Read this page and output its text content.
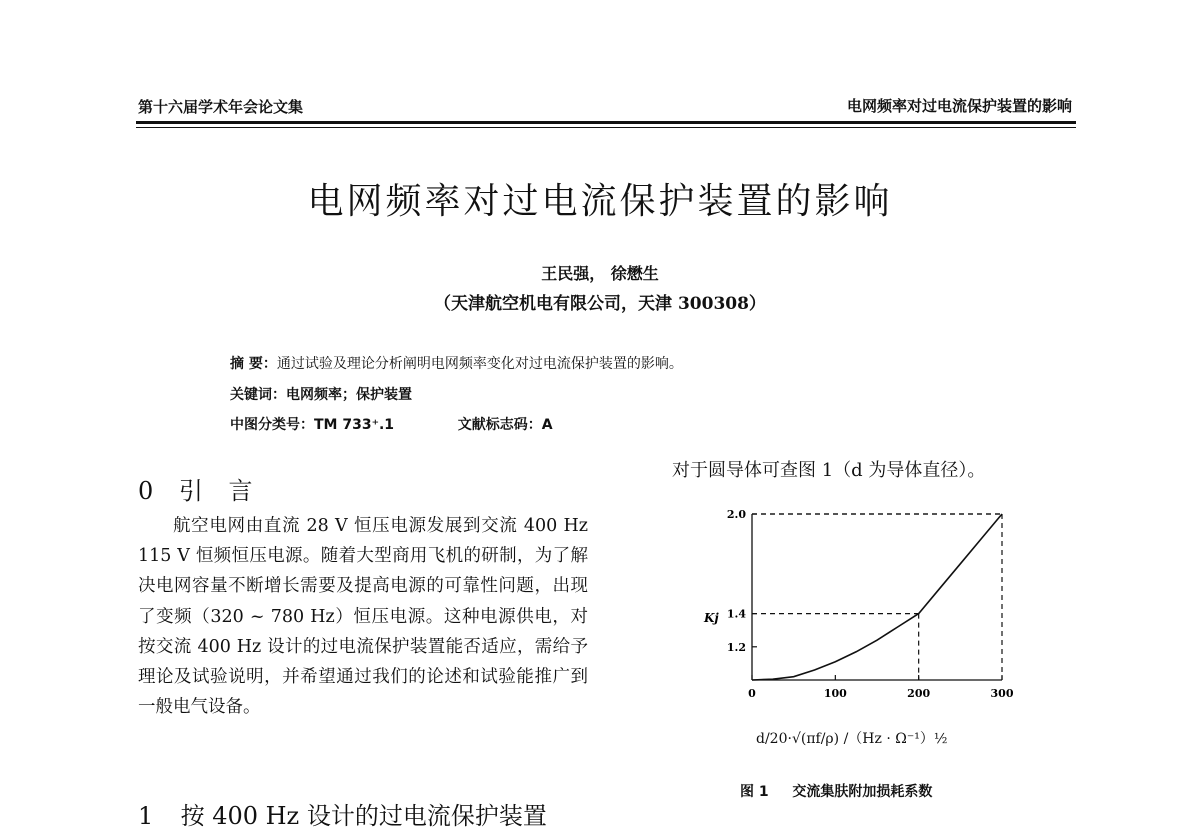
第十六届学术年会论文集	电网频率对过电流保护装置的影响
电网频率对过电流保护装置的影响
王民强， 徐懋生
（天津航空机电有限公司，天津 300308）
摘 要：通过试验及理论分析阐明电网频率变化对过电流保护装置的影响。
关键词：电网频率；保护装置
中图分类号：TM 733⁺.1	文献标志码：A
0 引 言
航空电网由直流 28 V 恒压电源发展到交流 400 Hz 115 V 恒频恒压电源。随着大型商用飞机的研制，为了解决电网容量不断增长需要及提高电源的可靠性问题，出现了变频（320 ~ 780 Hz）恒压电源。这种电源供电，对按交流 400 Hz 设计的过电流保护装置能否适应，需给予理论及试验说明，并希望通过我们的论述和试验能推广到一般电气设备。
1 按 400 Hz 设计的过电流保护装置
对于圆导体可查图 1（d 为导体直径）。
1.2
1.4
2.0
0	100	200	300
Kj
d/20·√(πf/ρ) /（Hz · Ω⁻¹）½
图 1 交流集肤附加损耗系数
